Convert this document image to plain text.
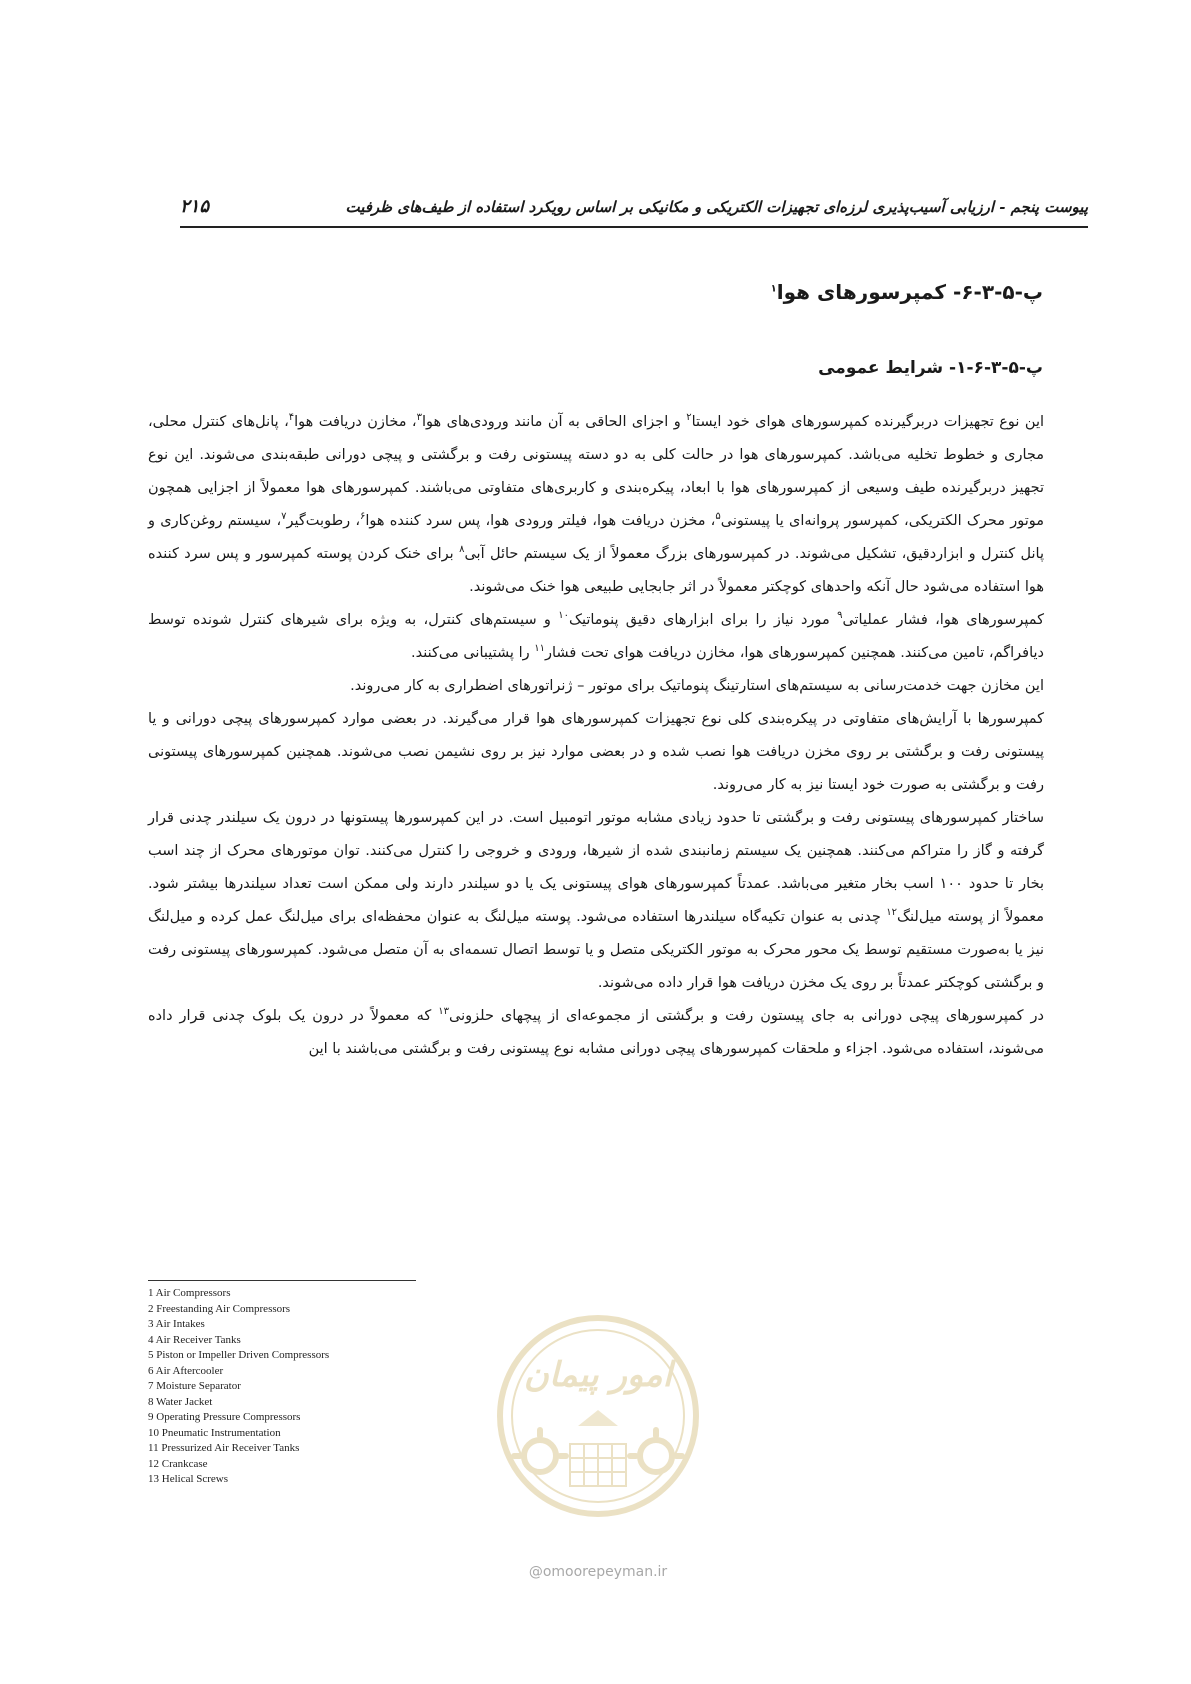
پیوست پنجم - ارزیابی آسیب‌پذیری لرزه‌ای تجهیزات الکتریکی و مکانیکی بر اساس رویکرد استفاده از طیف‌های ظرفیت
۲۱۵
پ-۵-۳-۶- کمپرسورهای هوا$^۱$
پ-۵-۳-۶-۱- شرایط عمومی

این نوع تجهیزات دربرگیرنده کمپرسورهای هوای خود ایستا$^۲$ و اجزای الحاقی به آن مانند ورودی‌های هوا$^۳$، مخازن دریافت هوا$^۴$، پانل‌های کنترل محلی، مجاری و خطوط تخلیه می‌باشد. کمپرسورهای هوا در حالت کلی به دو دسته پیستونی رفت و برگشتی و پیچی دورانی طبقه‌بندی می‌شوند. این نوع تجهیز دربرگیرنده طیف وسیعی از کمپرسورهای هوا با ابعاد، پیکره‌بندی و کاربری‌های متفاوتی می‌باشند. کمپرسورهای هوا معمولاً از اجزایی همچون موتور محرک الکتریکی، کمپرسور پروانه‌ای یا پیستونی$^۵$، مخزن دریافت هوا، فیلتر ورودی هوا، پس سرد کننده هوا$^۶$، رطوبت‌گیر$^۷$، سیستم روغن‌کاری و پانل کنترل و ابزاردقیق، تشکیل می‌شوند. در کمپرسورهای بزرگ معمولاً از یک سیستم حائل آبی$^۸$ برای خنک کردن پوسته کمپرسور و پس سرد کننده هوا استفاده می‌شود حال آنکه واحدهای کوچکتر معمولاً در اثر جابجایی طبیعی هوا خنک می‌شوند.

کمپرسورهای هوا، فشار عملیاتی$^۹$ مورد نیاز را برای ابزارهای دقیق پنوماتیک$^{۱۰}$ و سیستم‌های کنترل، به ویژه برای شیرهای کنترل شونده توسط دیافراگم، تامین می‌کنند. همچنین کمپرسورهای هوا، مخازن دریافت هوای تحت فشار$^{۱۱}$ را پشتیبانی می‌کنند.

این مخازن جهت خدمت‌رسانی به سیستم‌های استارتینگ پنوماتیک برای موتور – ژنراتورهای اضطراری به کار می‌روند.

کمپرسورها با آرایش‌های متفاوتی در پیکره‌بندی کلی نوع تجهیزات کمپرسورهای هوا قرار می‌گیرند. در بعضی موارد کمپرسورهای پیچی دورانی و یا پیستونی رفت و برگشتی بر روی مخزن دریافت هوا نصب شده و در بعضی موارد نیز بر روی نشیمن نصب می‌شوند. همچنین کمپرسورهای پیستونی رفت و برگشتی به صورت خود ایستا نیز به کار می‌روند.

ساختار کمپرسورهای پیستونی رفت و برگشتی تا حدود زیادی مشابه موتور اتومبیل است. در این کمپرسورها پیستونها در درون یک سیلندر چدنی قرار گرفته و گاز را متراکم می‌کنند. همچنین یک سیستم زمانبندی شده از شیرها، ورودی و خروجی را کنترل می‌کنند. توان موتورهای محرک از چند اسب بخار تا حدود ۱۰۰ اسب بخار متغیر می‌باشد. عمدتاً کمپرسورهای هوای پیستونی یک یا دو سیلندر دارند ولی ممکن است تعداد سیلندرها بیشتر شود. معمولاً از پوسته میل‌لنگ$^{۱۲}$ چدنی به عنوان تکیه‌گاه سیلندرها استفاده می‌شود. پوسته میل‌لنگ به عنوان محفظه‌ای برای میل‌لنگ عمل کرده و میل‌لنگ نیز یا به‌صورت مستقیم توسط یک محور محرک به موتور الکتریکی متصل و یا توسط اتصال تسمه‌ای به آن متصل می‌شود. کمپرسورهای پیستونی رفت و برگشتی کوچکتر عمدتاً بر روی یک مخزن دریافت هوا قرار داده می‌شوند.

در کمپرسورهای پیچی دورانی به جای پیستون رفت و برگشتی از مجموعه‌ای از پیچهای حلزونی$^{۱۳}$ که معمولاً در درون یک بلوک چدنی قرار داده می‌شوند، استفاده می‌شود. اجزاء و ملحقات کمپرسورهای پیچی دورانی مشابه نوع پیستونی رفت و برگشتی می‌باشند با این

1 Air Compressors
2 Freestanding Air Compressors
3 Air Intakes
4 Air Receiver Tanks
5 Piston or Impeller Driven Compressors
6 Air Aftercooler
7 Moisture Separator
8 Water Jacket
9 Operating Pressure Compressors
10 Pneumatic Instrumentation
11 Pressurized Air Receiver Tanks
12 Crankcase
13 Helical Screws
امور پیمان
@omoorepeyman.ir
